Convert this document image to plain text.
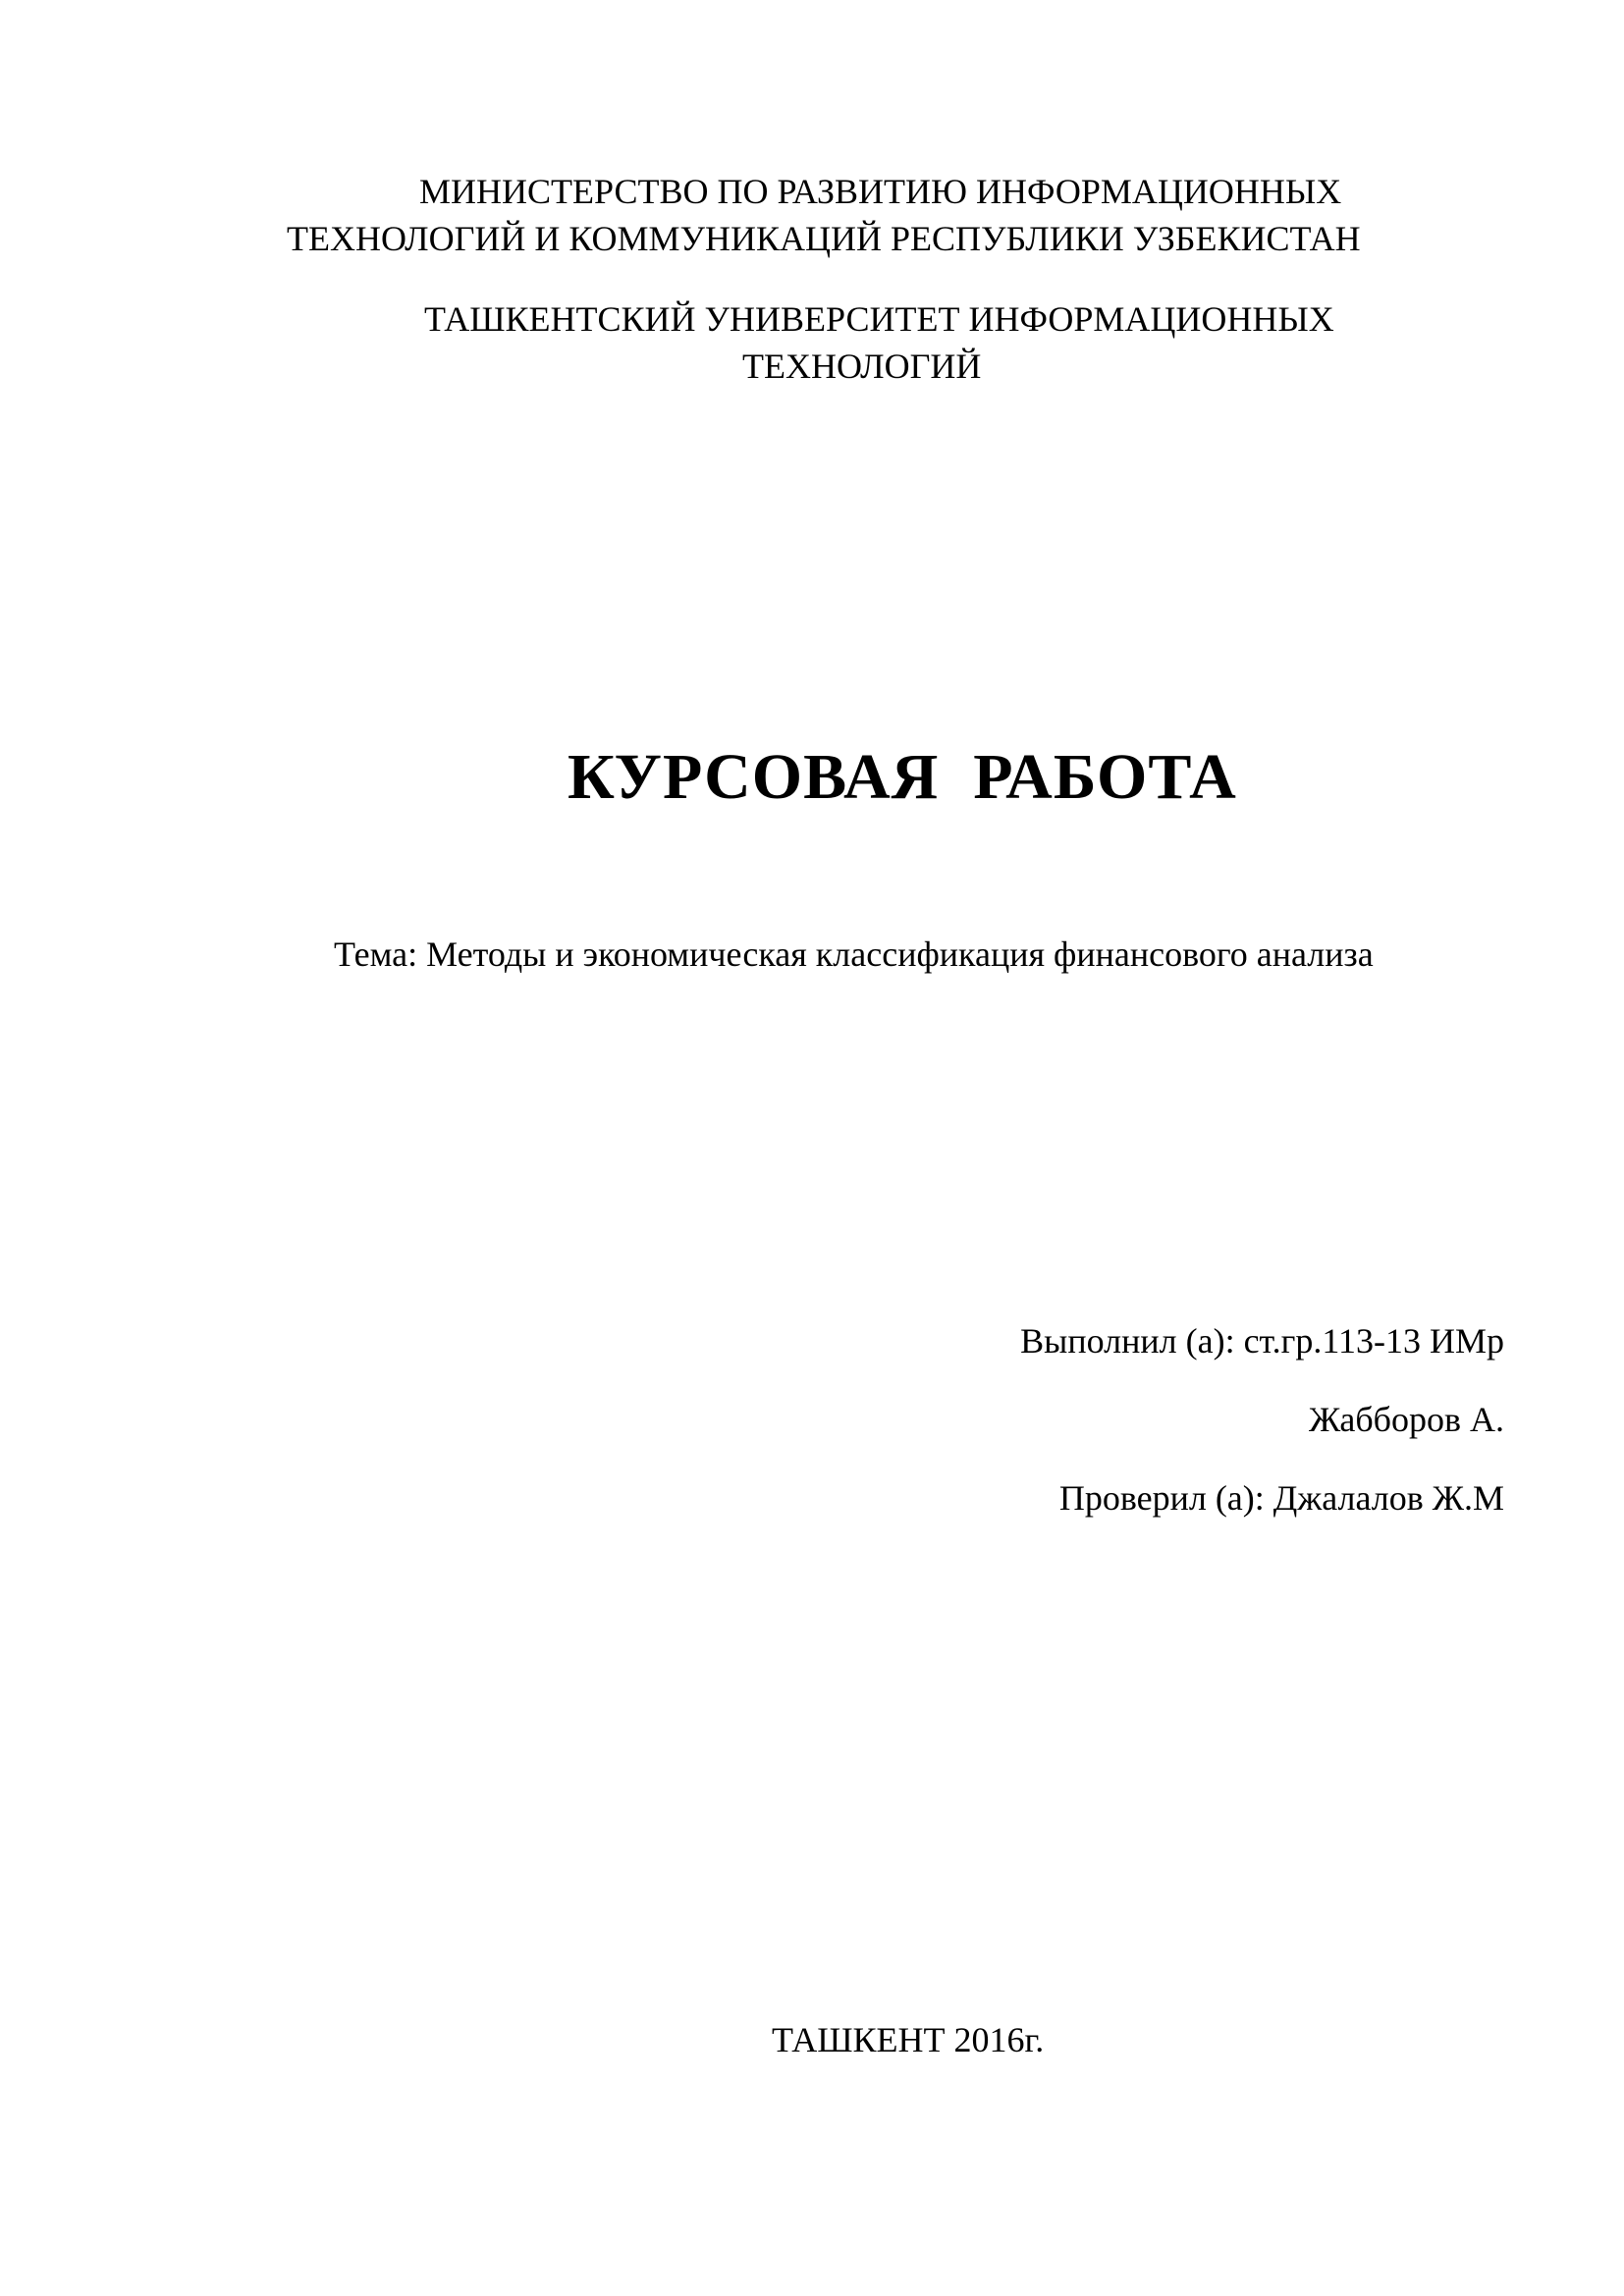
МИНИСТЕРСТВО ПО РАЗВИТИЮ ИНФОРМАЦИОННЫХ
ТЕХНОЛОГИЙ И КОММУНИКАЦИЙ РЕСПУБЛИКИ УЗБЕКИСТАН
ТАШКЕНТСКИЙ УНИВЕРСИТЕТ ИНФОРМАЦИОННЫХ
ТЕХНОЛОГИЙ
КУРСОВАЯ  РАБОТА
Тема: Методы и экономическая классификация финансового анализа
Выполнил (а): ст.гр.113-13 ИМр
Жабборов А.
Проверил (а): Джалалов Ж.М
ТАШКЕНТ 2016г.
